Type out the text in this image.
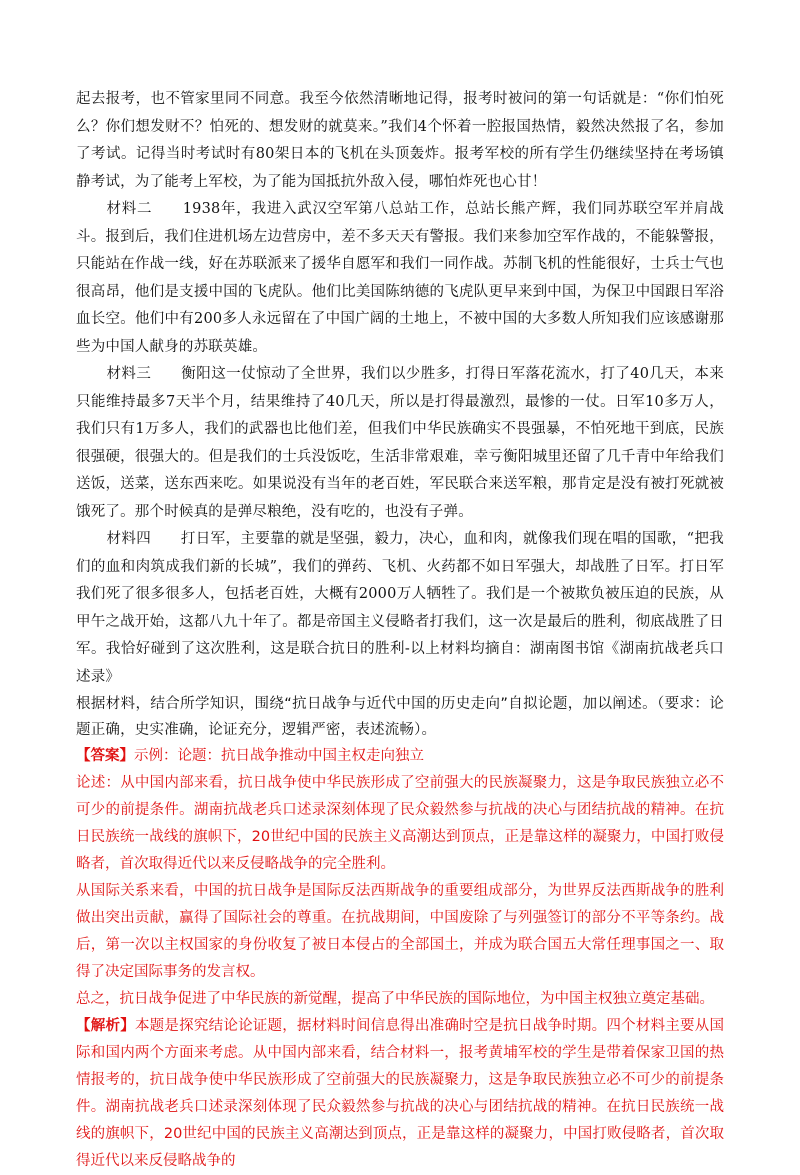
起去报考，也不管家里同不同意。我至今依然清晰地记得，报考时被问的第一句话就是：“你们怕死么？你们想发财不？怕死的、想发财的就莫来。”我们4个怀着一腔报国热情，毅然决然报了名，参加了考试。记得当时考试时有80架日本的飞机在头顶轰炸。报考军校的所有学生仍继续坚持在考场镇静考试，为了能考上军校，为了能为国抵抗外敌入侵，哪怕炸死也心甘！

材料二　　1938年，我进入武汉空军第八总站工作，总站长熊产辉，我们同苏联空军并肩战斗。报到后，我们住进机场左边营房中，差不多天天有警报。我们来参加空军作战的，不能躲警报，只能站在作战一线，好在苏联派来了援华自愿军和我们一同作战。苏制飞机的性能很好，士兵士气也很高昂，他们是支援中国的飞虎队。他们比美国陈纳德的飞虎队更早来到中国，为保卫中国跟日军浴血长空。他们中有200多人永远留在了中国广阔的土地上，不被中国的大多数人所知我们应该感谢那些为中国人献身的苏联英雄。

材料三　　衡阳这一仗惊动了全世界，我们以少胜多，打得日军落花流水，打了40几天，本来只能维持最多7天半个月，结果维持了40几天，所以是打得最激烈，最惨的一仗。日军10多万人，我们只有1万多人，我们的武器也比他们差，但我们中华民族确实不畏强暴，不怕死地干到底，民族很强硬，很强大的。但是我们的士兵没饭吃，生活非常艰难，幸亏衡阳城里还留了几千青中年给我们送饭，送菜，送东西来吃。如果说没有当年的老百姓，军民联合来送军粮，那肯定是没有被打死就被饿死了。那个时候真的是弹尽粮绝，没有吃的，也没有子弹。

材料四　　打日军，主要靠的就是坚强，毅力，决心，血和肉，就像我们现在唱的国歌，“把我们的血和肉筑成我们新的长城”，我们的弹药、飞机、火药都不如日军强大，却战胜了日军。打日军我们死了很多很多人，包括老百姓，大概有2000万人牺牲了。我们是一个被欺负被压迫的民族，从甲午之战开始，这都八九十年了。都是帝国主义侵略者打我们，这一次是最后的胜利，彻底战胜了日军。我恰好碰到了这次胜利，这是联合抗日的胜利-以上材料均摘自：湖南图书馆《湖南抗战老兵口述录》

根据材料，结合所学知识，围绕“抗日战争与近代中国的历史走向”自拟论题，加以阐述。（要求：论题正确，史实准确，论证充分，逻辑严密，表述流畅）。

【答案】示例：论题：抗日战争推动中国主权走向独立

论述：从中国内部来看，抗日战争使中华民族形成了空前强大的民族凝聚力，这是争取民族独立必不可少的前提条件。湖南抗战老兵口述录深刻体现了民众毅然参与抗战的决心与团结抗战的精神。在抗日民族统一战线的旗帜下，20世纪中国的民族主义高潮达到顶点，正是靠这样的凝聚力，中国打败侵略者，首次取得近代以来反侵略战争的完全胜利。

从国际关系来看，中国的抗日战争是国际反法西斯战争的重要组成部分，为世界反法西斯战争的胜利做出突出贡献，赢得了国际社会的尊重。在抗战期间，中国废除了与列强签订的部分不平等条约。战后，第一次以主权国家的身份收复了被日本侵占的全部国土，并成为联合国五大常任理事国之一、取得了决定国际事务的发言权。

总之，抗日战争促进了中华民族的新觉醒，提高了中华民族的国际地位，为中国主权独立奠定基础。

【解析】本题是探究结论论证题，据材料时间信息得出准确时空是抗日战争时期。四个材料主要从国际和国内两个方面来考虑。从中国内部来看，结合材料一，报考黄埔军校的学生是带着保家卫国的热情报考的，抗日战争使中华民族形成了空前强大的民族凝聚力，这是争取民族独立必不可少的前提条件。湖南抗战老兵口述录深刻体现了民众毅然参与抗战的决心与团结抗战的精神。在抗日民族统一战线的旗帜下，20世纪中国的民族主义高潮达到顶点，正是靠这样的凝聚力，中国打败侵略者，首次取得近代以来反侵略战争的
